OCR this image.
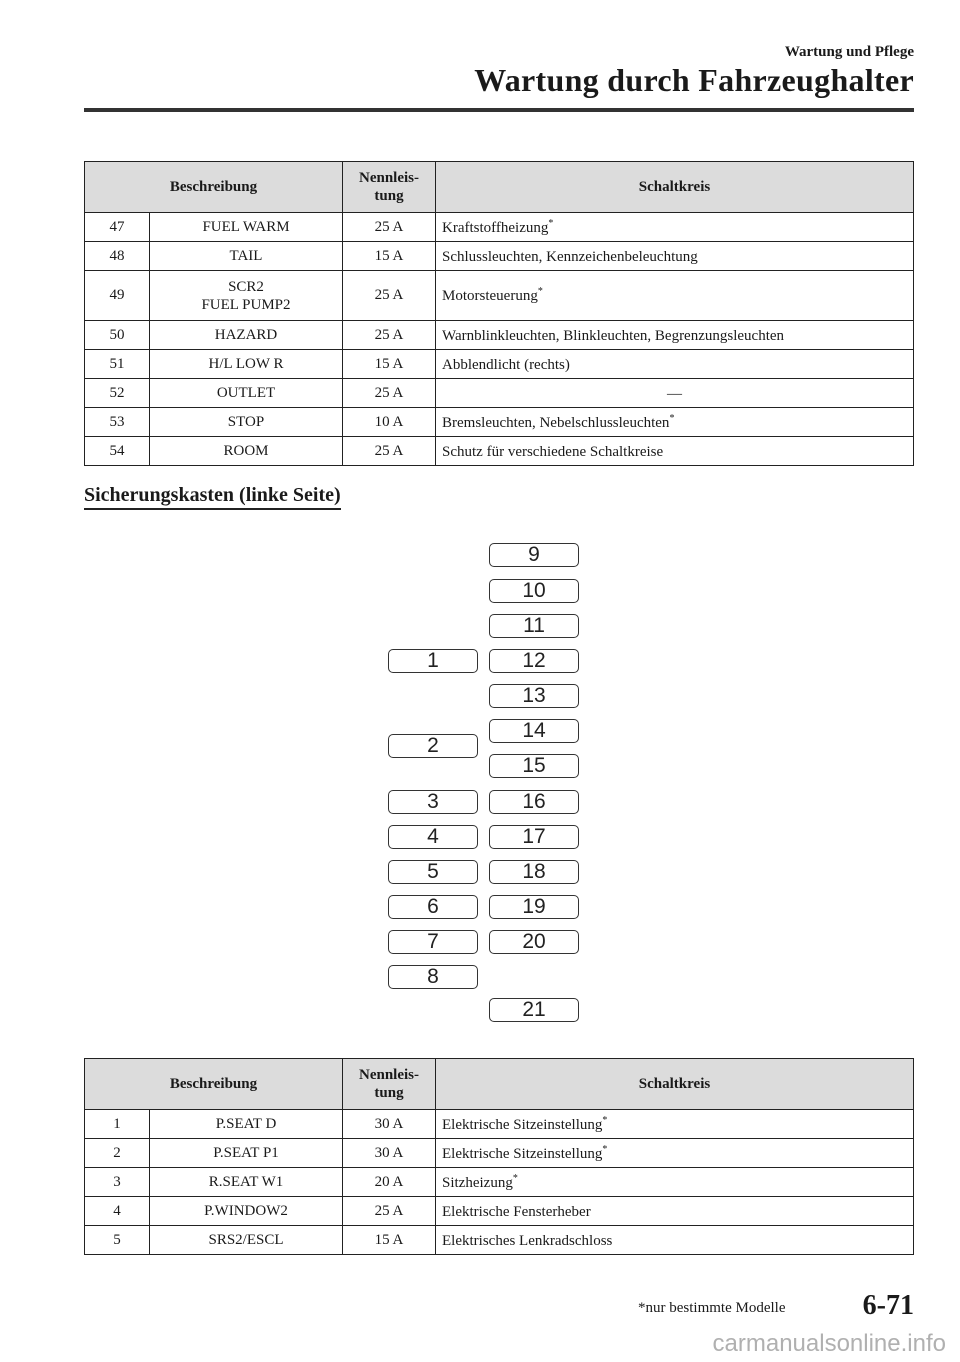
Wartung und Pflege
Wartung durch Fahrzeughalter
Beschreibung		Nennleis-
tung	Schaltkreis
47	FUEL WARM	25 A	Kraftstoffheizung*
48	TAIL	15 A	Schlussleuchten, Kennzeichenbeleuchtung
49	SCR2
FUEL PUMP2	25 A	Motorsteuerung*
50	HAZARD	25 A	Warnblinkleuchten, Blinkleuchten, Begrenzungsleuchten
51	H/L LOW R	15 A	Abblendlicht (rechts)
52	OUTLET	25 A	—
53	STOP	10 A	Bremsleuchten, Nebelschlussleuchten*
54	ROOM	25 A	Schutz für verschiedene Schaltkreise
Sicherungskasten (linke Seite)
1
2
3
4
5
6
7
8
9
10
11
12
13
14
15
16
17
18
19
20
21
Beschreibung		Nennleis-
tung	Schaltkreis
1	P.SEAT D	30 A	Elektrische Sitzeinstellung*
2	P.SEAT P1	30 A	Elektrische Sitzeinstellung*
3	R.SEAT W1	20 A	Sitzheizung*
4	P.WINDOW2	25 A	Elektrische Fensterheber
5	SRS2/ESCL	15 A	Elektrisches Lenkradschloss
*nur bestimmte Modelle	6-71
carmanualsonline.info
